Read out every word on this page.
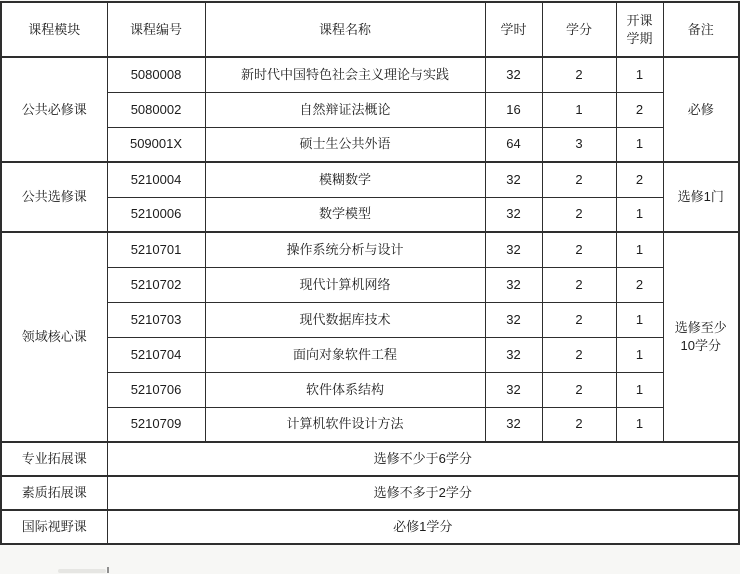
课程模块	课程编号	课程名称	学时	学分	开课学期	备注
公共必修课	5080008	新时代中国特色社会主义理论与实践	32	2	1	必修
	5080002	自然辩证法概论	16	1	2	
	509001X	硕士生公共外语	64	3	1	
公共选修课	5210004	模糊数学	32	2	2	选修1门
	5210006	数学模型	32	2	1	
领域核心课	5210701	操作系统分析与设计	32	2	1	选修至少10学分
	5210702	现代计算机网络	32	2	2	
	5210703	现代数据库技术	32	2	1	
	5210704	面向对象软件工程	32	2	1	
	5210706	软件体系结构	32	2	1	
	5210709	计算机软件设计方法	32	2	1	
专业拓展课	选修不少于6学分					
素质拓展课	选修不多于2学分					
国际视野课	必修1学分					
